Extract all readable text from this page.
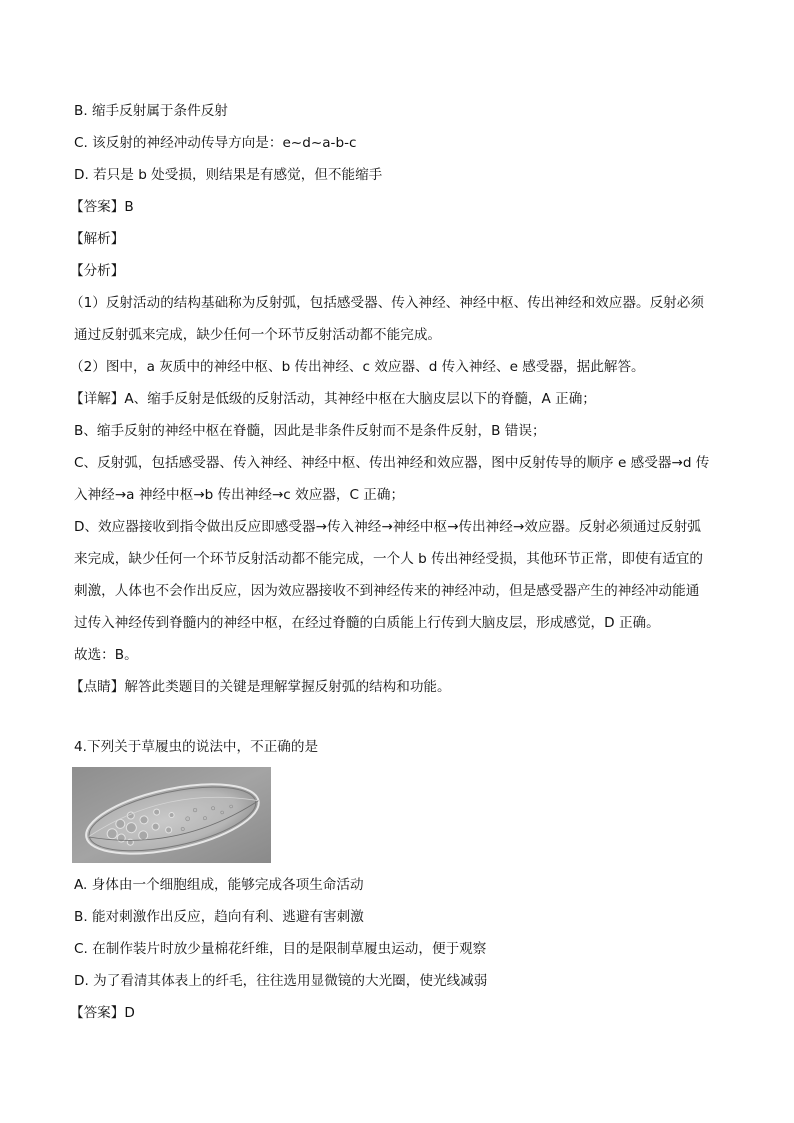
B. 缩手反射属于条件反射
C. 该反射的神经冲动传导方向是：e~d~a-b-c
D. 若只是 b 处受损，则结果是有感觉，但不能缩手
【答案】B
【解析】
【分析】
（1）反射活动的结构基础称为反射弧，包括感受器、传入神经、神经中枢、传出神经和效应器。反射必须
通过反射弧来完成，缺少任何一个环节反射活动都不能完成。
（2）图中，a 灰质中的神经中枢、b 传出神经、c 效应器、d 传入神经、e 感受器，据此解答。
【详解】A、缩手反射是低级的反射活动，其神经中枢在大脑皮层以下的脊髓，A 正确；
B、缩手反射的神经中枢在脊髓，因此是非条件反射而不是条件反射，B 错误；
C、反射弧，包括感受器、传入神经、神经中枢、传出神经和效应器，图中反射传导的顺序 e 感受器→d 传
入神经→a 神经中枢→b 传出神经→c 效应器，C 正确；
D、效应器接收到指令做出反应即感受器→传入神经→神经中枢→传出神经→效应器。反射必须通过反射弧
来完成，缺少任何一个环节反射活动都不能完成，一个人 b 传出神经受损，其他环节正常，即使有适宜的
刺激，人体也不会作出反应，因为效应器接收不到神经传来的神经冲动，但是感受器产生的神经冲动能通
过传入神经传到脊髓内的神经中枢，在经过脊髓的白质能上行传到大脑皮层，形成感觉，D 正确。
故选：B。
【点睛】解答此类题目的关键是理解掌握反射弧的结构和功能。
4.下列关于草履虫的说法中，不正确的是
A. 身体由一个细胞组成，能够完成各项生命活动
B. 能对刺激作出反应，趋向有利、逃避有害刺激
C. 在制作装片时放少量棉花纤维，目的是限制草履虫运动，便于观察
D. 为了看清其体表上的纤毛，往往选用显微镜的大光圈，使光线减弱
【答案】D
